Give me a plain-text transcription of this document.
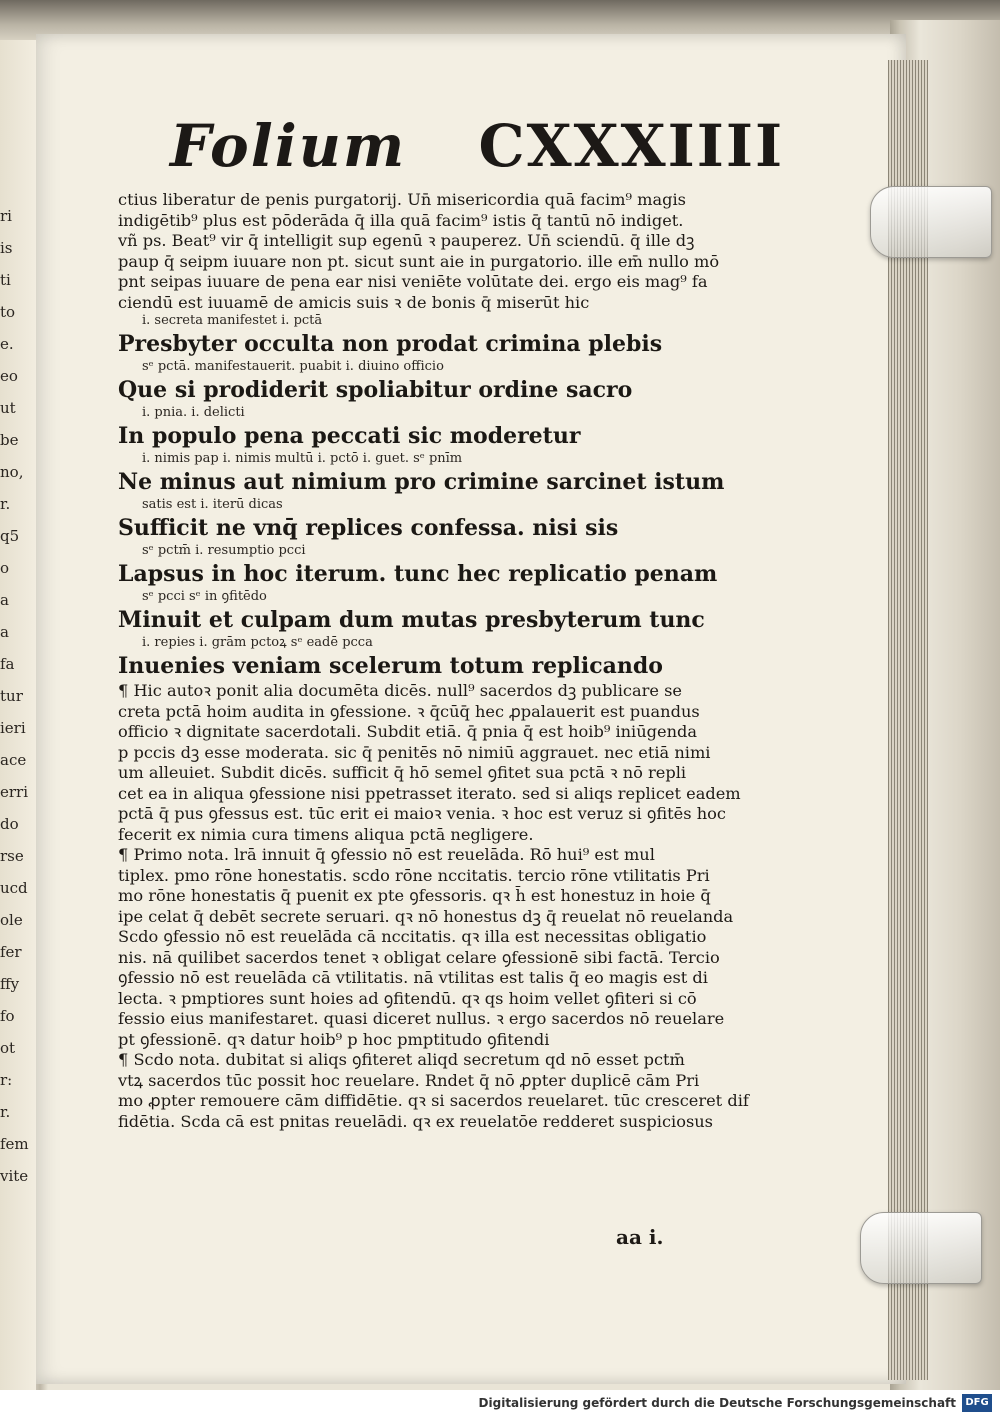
ri
is
ti
to
e.
eo
ut
be
no,
r.
q5
o
a
a
fa
tur
ieri
ace
erri
do
rse
ucd
ole
fer
ffy
fo
ot
r:
r.
fem
vite
Folium CXXXIIII
ctius liberatur de penis purgatorij. Un̄ misericordia quā facim⁹ magis
indigētib⁹ plus est pōderāda q̄ illa quā facim⁹ istis q̄ tantū nō indiget.
vñ ps. Beat⁹ vir q̄ intelligit sup egenū ꝛ pauperez. Un̄ sciendū. q̄ ille dꝫ
paup q̄ seipm iuuare non pt. sicut sunt aie in purgatorio. ille em̄ nullo mō
pnt seipas iuuare de pena ear nisi veniēte volūtate dei. ergo eis mag⁹ fa
ciendū est iuuamē de amicis suis ꝛ de bonis q̄ miserūt hic
i. secreta manifestet i. pctā
Presbyter occulta non prodat crimina plebis
sᵉ pctā. manifestauerit. puabit i. diuino officio
Que si prodiderit spoliabitur ordine sacro
i. pnia. i. delicti
In populo pena peccati sic moderetur
i. nimis pap i. nimis multū i. pctō i. guet. sᵉ pnīm
Ne minus aut nimium pro crimine sarcinet istum
satis est i. iterū dicas
Sufficit ne vnq̄ replices confessa. nisi sis
sᵉ pctm̄ i. resumptio pcci
Lapsus in hoc iterum. tunc hec replicatio penam
sᵉ pcci sᵉ in ꝯfitēdo
Minuit et culpam dum mutas presbyterum tunc
i. repies i. grām pctoꝝ sᵉ eadē pcca
Inuenies veniam scelerum totum replicando
¶ Hic autoꝛ ponit alia documēta dicēs. null⁹ sacerdos dꝫ publicare se
creta pctā hoim audita in ꝯfessione. ꝛ q̄cūq̄ hec ꝓpalauerit est puandus
officio ꝛ dignitate sacerdotali. Subdit etiā. q̄ pnia q̄ est hoib⁹ iniūgenda
p pccis dꝫ esse moderata. sic q̄ penitēs nō nimiū aggrauet. nec etiā nimi
um alleuiet. Subdit dicēs. sufficit q̄ hō semel ꝯfitet sua pctā ꝛ nō repli
cet ea in aliqua ꝯfessione nisi ppetrasset iterato. sed si aliqs replicet eadem
pctā q̄ pus ꝯfessus est. tūc erit ei maioꝛ venia. ꝛ hoc est veruz si ꝯfitēs hoc
fecerit ex nimia cura timens aliqua pctā negligere.
¶ Primo nota. lrā innuit q̄ ꝯfessio nō est reuelāda. Rō hui⁹ est mul
tiplex. pmo rōne honestatis. scdo rōne nccitatis. tercio rōne vtilitatis Pri
mo rōne honestatis q̄ puenit ex pte ꝯfessoris. qꝛ h̄ est honestuz in hoie q̄
ipe celat q̄ debēt secrete seruari. qꝛ nō honestus dꝫ q̄ reuelat nō reuelanda
Scdo ꝯfessio nō est reuelāda cā nccitatis. qꝛ illa est necessitas obligatio
nis. nā quilibet sacerdos tenet ꝛ obligat celare ꝯfessionē sibi factā. Tercio
ꝯfessio nō est reuelāda cā vtilitatis. nā vtilitas est talis q̄ eo magis est di
lecta. ꝛ pmptiores sunt hoies ad ꝯfitendū. qꝛ qs hoim vellet ꝯfiteri si cō
fessio eius manifestaret. quasi diceret nullus. ꝛ ergo sacerdos nō reuelare
pt ꝯfessionē. qꝛ datur hoib⁹ p hoc pmptitudo ꝯfitendi
¶ Scdo nota. dubitat si aliqs ꝯfiteret aliqd secretum qd nō esset pctm̄
vtꝝ sacerdos tūc possit hoc reuelare. Rndet q̄ nō ꝓpter duplicē cām Pri
mo ꝓpter remouere cām diffidētie. qꝛ si sacerdos reuelaret. tūc cresceret dif
fidētia. Scda cā est pnitas reuelādi. qꝛ ex reuelatōe redderet suspiciosus
aa i.
Digitalisierung gefördert durch die Deutsche Forschungsgemeinschaft DFG
